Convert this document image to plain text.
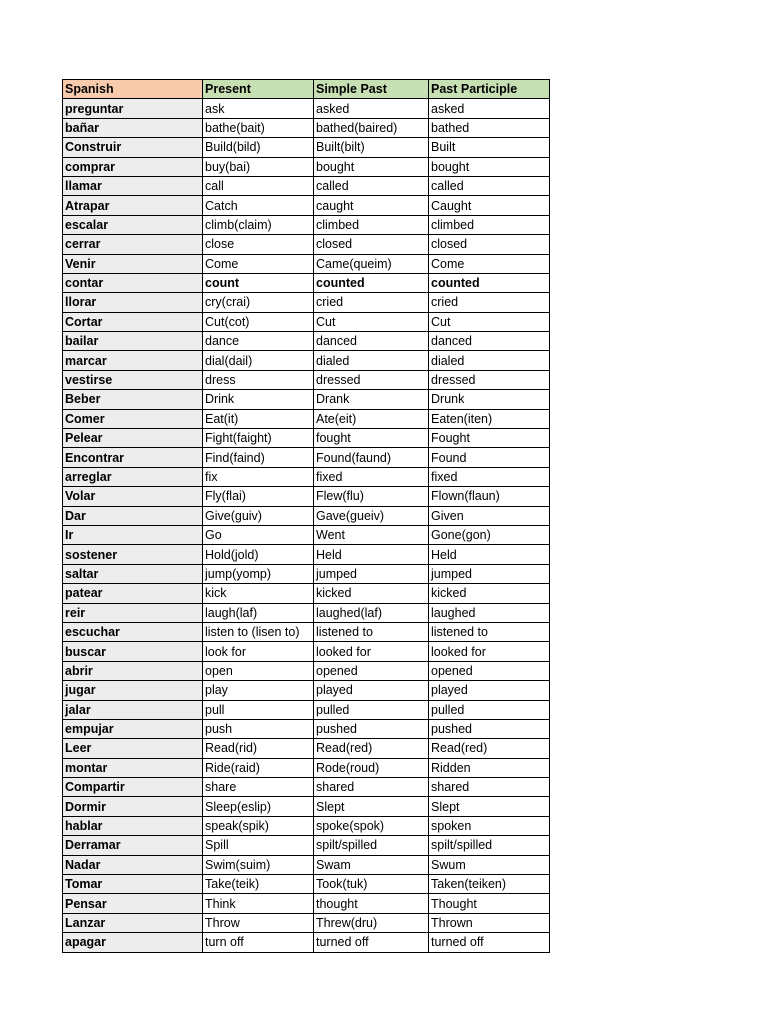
Spanish	Present	Simple Past	Past Participle
preguntar	ask	asked	asked
bañar	bathe(bait)	bathed(baired)	bathed
Construir	Build(bild)	Built(bilt)	Built
comprar	buy(bai)	bought	bought
llamar	call	called	called
Atrapar	Catch	caught	Caught
escalar	climb(claim)	climbed	climbed
cerrar	close	closed	closed
Venir	Come	Came(queim)	Come
contar	count	counted	counted
llorar	cry(crai)	cried	cried
Cortar	Cut(cot)	Cut	Cut
bailar	dance	danced	danced
marcar	dial(dail)	dialed	dialed
vestirse	dress	dressed	dressed
Beber	Drink	Drank	Drunk
Comer	Eat(it)	Ate(eit)	Eaten(iten)
Pelear	Fight(faight)	fought	Fought
Encontrar	Find(faind)	Found(faund)	Found
arreglar	fix	fixed	fixed
Volar	Fly(flai)	Flew(flu)	Flown(flaun)
Dar	Give(guiv)	Gave(gueiv)	Given
Ir	Go	Went	Gone(gon)
sostener	Hold(jold)	Held	Held
saltar	jump(yomp)	jumped	jumped
patear	kick	kicked	kicked
reir	laugh(laf)	laughed(laf)	laughed
escuchar	listen to (lisen to)	listened to	listened to
buscar	look for	looked for	looked for
abrir	open	opened	opened
jugar	play	played	played
jalar	pull	pulled	pulled
empujar	push	pushed	pushed
Leer	Read(rid)	Read(red)	Read(red)
montar	Ride(raid)	Rode(roud)	Ridden
Compartir	share	shared	shared
Dormir	Sleep(eslip)	Slept	Slept
hablar	speak(spik)	spoke(spok)	spoken
Derramar	Spill	spilt/spilled	spilt/spilled
Nadar	Swim(suim)	Swam	Swum
Tomar	Take(teik)	Took(tuk)	Taken(teiken)
Pensar	Think	thought	Thought
Lanzar	Throw	Threw(dru)	Thrown
apagar	turn off	turned off	turned off
